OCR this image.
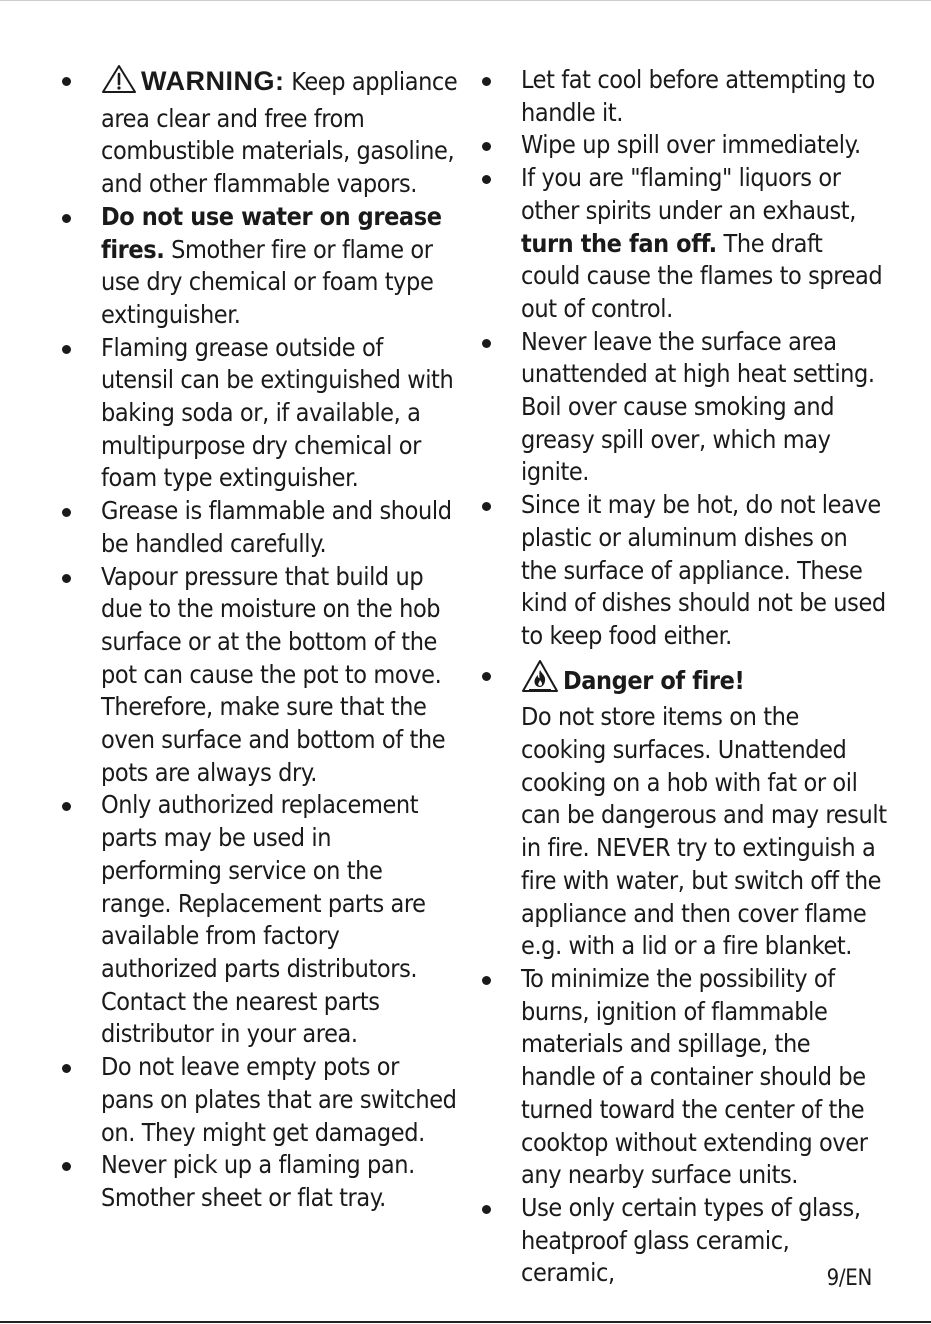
WARNING: Keep appliance area clear and free from combustible materials, gasoline, and other flammable vapors.
Do not use water on grease fires. Smother fire or flame or use dry chemical or foam type extinguisher.
Flaming grease outside of utensil can be extinguished with baking soda or, if available, a multipurpose dry chemical or foam type extinguisher.
Grease is flammable and should be handled carefully.
Vapour pressure that build up due to the moisture on the hob surface or at the bottom of the pot can cause the pot to move. Therefore, make sure that the oven surface and bottom of the pots are always dry.
Only authorized replacement parts may be used in performing service on the range. Replacement parts are available from factory authorized parts distributors. Contact the nearest parts distributor in your area.
Do not leave empty pots or pans on plates that are switched on. They might get damaged.
Never pick up a flaming pan. Smother sheet or flat tray.
Let fat cool before attempting to handle it.
Wipe up spill over immediately.
If you are "flaming" liquors or other spirits under an exhaust, turn the fan off. The draft could cause the flames to spread out of control.
Never leave the surface area unattended at high heat setting. Boil over cause smoking and greasy spill over, which may ignite.
Since it may be hot, do not leave plastic or aluminum dishes on the surface of appliance. These kind of dishes should not be used to keep food either.
Danger of fire!
Do not store items on the cooking surfaces. Unattended cooking on a hob with fat or oil can be dangerous and may result in fire. NEVER try to extinguish a fire with water, but switch off the appliance and then cover flame e.g. with a lid or a fire blanket.
To minimize the possibility of burns, ignition of flammable materials and spillage, the handle of a container should be turned toward the center of the cooktop without extending over any nearby surface units.
Use only certain types of glass, heatproof glass ceramic, ceramic,	9/EN
